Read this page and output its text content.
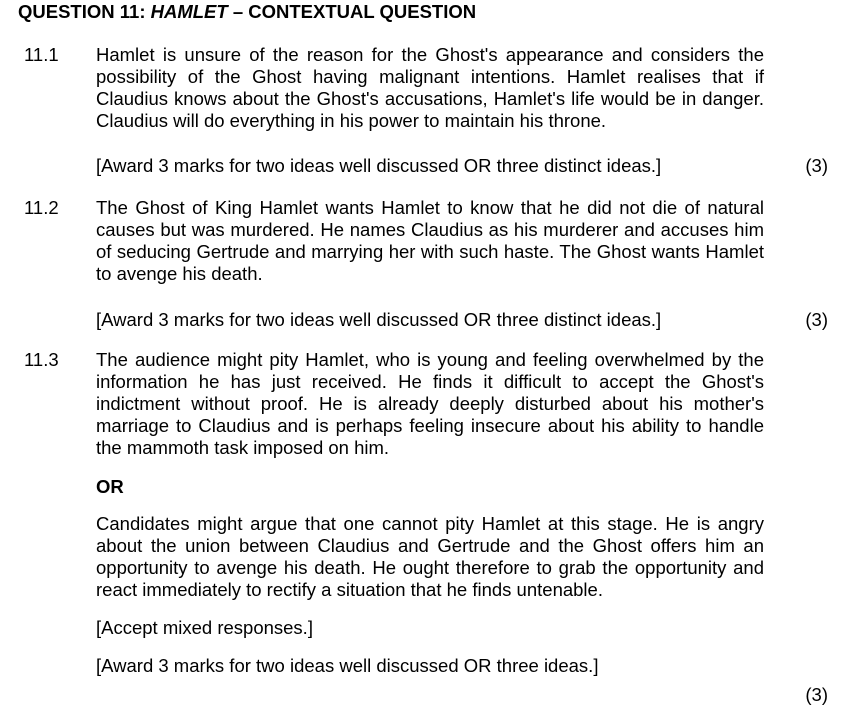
QUESTION 11: HAMLET – CONTEXTUAL QUESTION
11.1 Hamlet is unsure of the reason for the Ghost's appearance and considers the possibility of the Ghost having malignant intentions. Hamlet realises that if Claudius knows about the Ghost's accusations, Hamlet's life would be in danger. Claudius will do everything in his power to maintain his throne.
[Award 3 marks for two ideas well discussed OR three distinct ideas.]	(3)
11.2 The Ghost of King Hamlet wants Hamlet to know that he did not die of natural causes but was murdered. He names Claudius as his murderer and accuses him of seducing Gertrude and marrying her with such haste. The Ghost wants Hamlet to avenge his death.
[Award 3 marks for two ideas well discussed OR three distinct ideas.]	(3)
11.3 The audience might pity Hamlet, who is young and feeling overwhelmed by the information he has just received. He finds it difficult to accept the Ghost's indictment without proof. He is already deeply disturbed about his mother's marriage to Claudius and is perhaps feeling insecure about his ability to handle the mammoth task imposed on him.
OR
Candidates might argue that one cannot pity Hamlet at this stage. He is angry about the union between Claudius and Gertrude and the Ghost offers him an opportunity to avenge his death. He ought therefore to grab the opportunity and react immediately to rectify a situation that he finds untenable.
[Accept mixed responses.]
[Award 3 marks for two ideas well discussed OR three ideas.]
(3)
